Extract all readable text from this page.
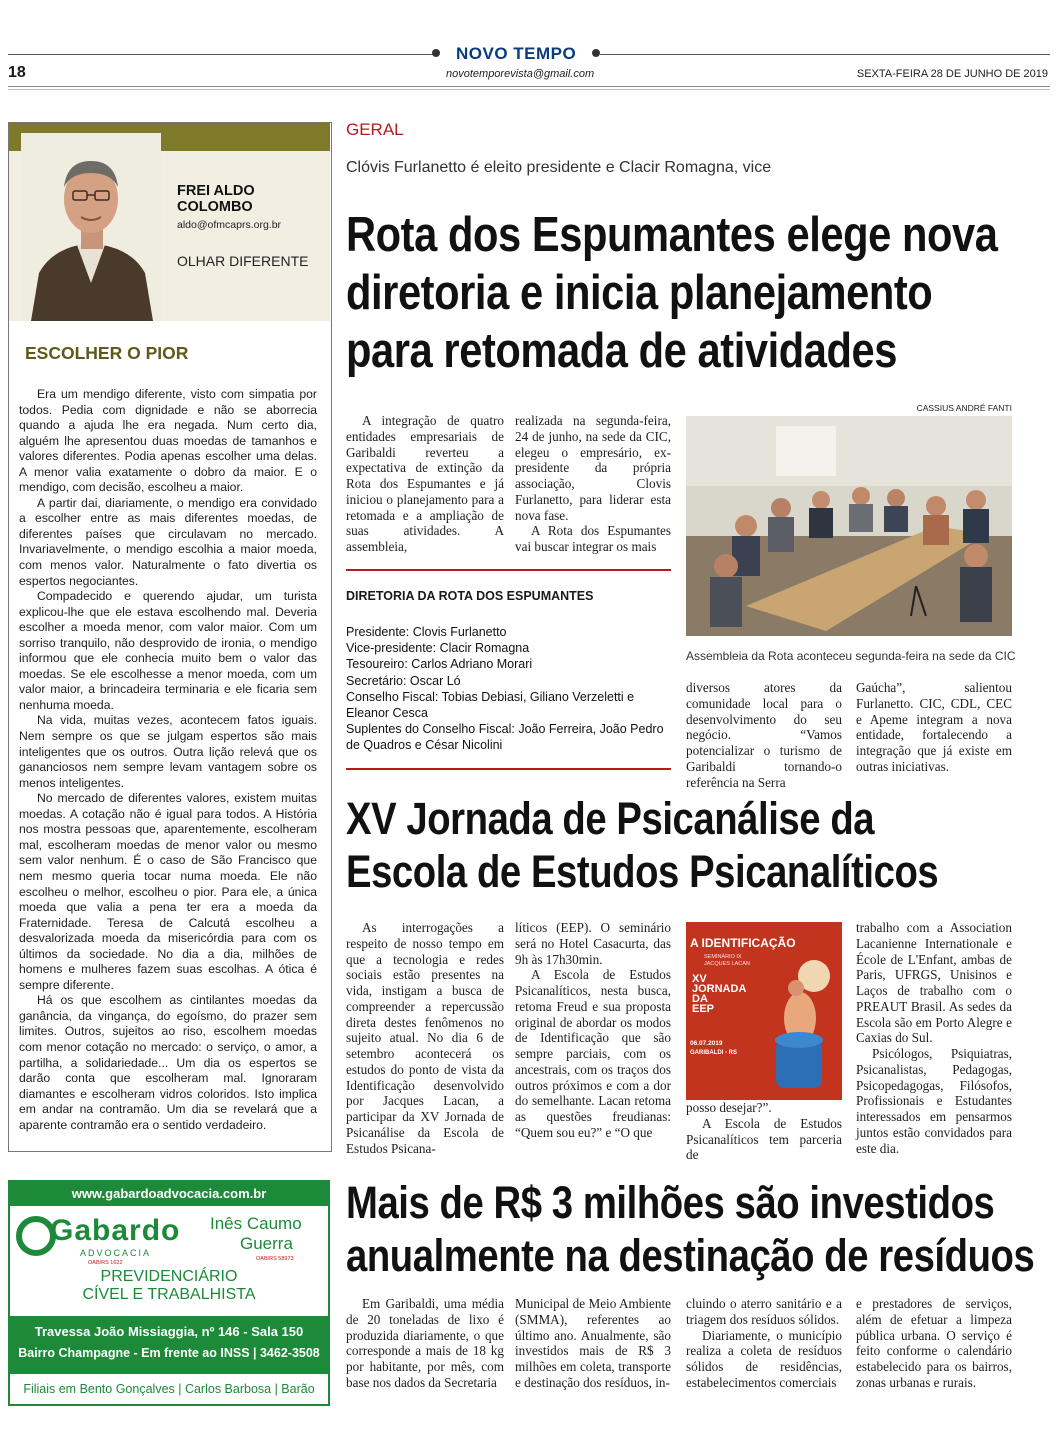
NOVO TEMPO
18	novotemporevista@gmail.com	SEXTA-FEIRA 28 DE JUNHO DE 2019
FREI ALDO COLOMBO
aldo@ofmcaprs.org.br
OLHAR DIFERENTE
ESCOLHER O PIOR

Era um mendigo diferente, visto com simpatia por todos. Pedia com dignidade e não se aborrecia quando a ajuda lhe era negada. Num certo dia, alguém lhe apresentou duas moedas de tamanhos e valores diferentes. Podia apenas escolher uma delas. A menor valia exatamente o dobro da maior. E o mendigo, com decisão, escolheu a maior.

A partir dai, diariamente, o mendigo era convidado a escolher entre as mais diferentes moedas, de diferentes países que circulavam no mercado. Invariavelmente, o mendigo escolhia a maior moeda, com menos valor. Naturalmente o fato divertia os espertos negociantes.

Compadecido e querendo ajudar, um turista explicou-lhe que ele estava escolhendo mal. Deveria escolher a moeda menor, com valor maior. Com um sorriso tranquilo, não desprovido de ironia, o mendigo informou que ele conhecia muito bem o valor das moedas. Se ele escolhesse a menor moeda, com um valor maior, a brincadeira terminaria e ele ficaria sem nenhuma moeda.

Na vida, muitas vezes, acontecem fatos iguais. Nem sempre os que se julgam espertos são mais inteligentes que os outros. Outra lição relevá que os gananciosos nem sempre levam vantagem sobre os menos inteligentes.

No mercado de diferentes valores, existem muitas moedas. A cotação não é igual para todos. A História nos mostra pessoas que, aparentemente, escolheram mal, escolheram moedas de menor valor ou mesmo sem valor nenhum. É o caso de São Francisco que nem mesmo queria tocar numa moeda. Ele não escolheu o melhor, escolheu o pior. Para ele, a única moeda que valia a pena ter era a moeda da Fraternidade. Teresa de Calcutá escolheu a desvalorizada moeda da misericórdia para com os últimos da sociedade. No dia a dia, milhões de homens e mulheres fazem suas escolhas. A ótica é sempre diferente.

Há os que escolhem as cintilantes moedas da ganância, da vingança, do egoísmo, do prazer sem limites. Outros, sujeitos ao riso, escolhem moedas com menor cotação no mercado: o serviço, o amor, a partilha, a solidariedade... Um dia os espertos se darão conta que escolheram mal. Ignoraram diamantes e escolheram vidros coloridos. Isto implica em andar na contramão. Um dia se revelará que a aparente contramão era o sentido verdadeiro.

GERAL
Clóvis Furlanetto é eleito presidente e Clacir Romagna, vice
Rota dos Espumantes elege nova
diretoria e inicia planejamento
para retomada de atividades

A integração de quatro entidades empresariais de Garibaldi reverteu a expectativa de extinção da Rota dos Espumantes e já iniciou o planejamento para a retomada e a ampliação de suas atividades. A assembleia,

realizada na segunda-feira, 24 de junho, na sede da CIC, elegeu o empresário, ex-presidente da própria associação, Clovis Furlanetto, para liderar esta nova fase.

A Rota dos Espumantes vai buscar integrar os mais

CASSIUS ANDRÉ FANTI
Assembleia da Rota aconteceu segunda-feira na sede da CIC
DIRETORIA DA ROTA DOS ESPUMANTES
Presidente: Clovis Furlanetto
Vice-presidente: Clacir Romagna
Tesoureiro: Carlos Adriano Morari
Secretário: Oscar Ló
Conselho Fiscal: Tobias Debiasi, Giliano Verzeletti e Eleanor Cesca
Suplentes do Conselho Fiscal: João Ferreira, João Pedro de Quadros e César Nicolini

diversos atores da comunidade local para o desenvolvimento do seu negócio. “Vamos potencializar o turismo de Garibaldi tornando-o referência na Serra

Gaúcha”, salientou Furlanetto. CIC, CDL, CEC e Apeme integram a nova entidade, fortalecendo a integração que já existe em outras iniciativas.

XV Jornada de Psicanálise da
Escola de Estudos Psicanalíticos

As interrogações a respeito de nosso tempo em que a tecnologia e redes sociais estão presentes na vida, instigam a busca de compreender a repercussão direta destes fenômenos no sujeito atual. No dia 6 de setembro acontecerá os estudos do ponto de vista da Identificação desenvolvido por Jacques Lacan, a participar da XV Jornada de Psicanálise da Escola de Estudos Psicana-

líticos (EEP). O seminário será no Hotel Casacurta, das 9h às 17h30min.

A Escola de Estudos Psicanalíticos, nesta busca, retoma Freud e sua proposta original de abordar os modos de Identificação que são sempre parciais, com os ancestrais, com os traços dos outros próximos e com a dor do semelhante. Lacan retoma as questões freudianas: “Quem sou eu?” e “O que

A IDENTIFICAÇÃO
SEMINÁRIO IX JACQUES LACAN
XV
JORNADA
DA
EEP
06.07.2019
GARIBALDI - RS

posso desejar?”.

A Escola de Estudos Psicanalíticos tem parceria de

trabalho com a Association Lacanienne Internationale e École de L'Enfant, ambas de Paris, UFRGS, Unisinos e Laços de trabalho com o PREAUT Brasil. As sedes da Escola são em Porto Alegre e Caxias do Sul.

Psicólogos, Psiquiatras, Psicanalistas, Pedagogas, Psicopedagogas, Filósofos, Profissionais e Estudantes interessados em pensarmos juntos estão convidados para este dia.

Mais de R$ 3 milhões são investidos
anualmente na destinação de resíduos

Em Garibaldi, uma média de 20 toneladas de lixo é produzida diariamente, o que corresponde a mais de 18 kg por habitante, por mês, com base nos dados da Secretaria

Municipal de Meio Ambiente (SMMA), referentes ao último ano. Anualmente, são investidos mais de R$ 3 milhões em coleta, transporte e destinação dos resíduos, in-

cluindo o aterro sanitário e a triagem dos resíduos sólidos.

Diariamente, o município realiza a coleta de resíduos sólidos de residências, estabelecimentos comerciais

e prestadores de serviços, além de efetuar a limpeza pública urbana. O serviço é feito conforme o calendário estabelecido para os bairros, zonas urbanas e rurais.

www.gabardoadvocacia.com.br
Gabardo
ADVOCACIA
OAB/RS 1622
Inês Caumo
Guerra
OAB/RS 58973
PREVIDENCIÁRIO
CÍVEL E TRABALHISTA
Travessa João Missiaggia, nº 146 - Sala 150
Bairro Champagne - Em frente ao INSS | 3462-3508
Filiais em Bento Gonçalves | Carlos Barbosa | Barão
